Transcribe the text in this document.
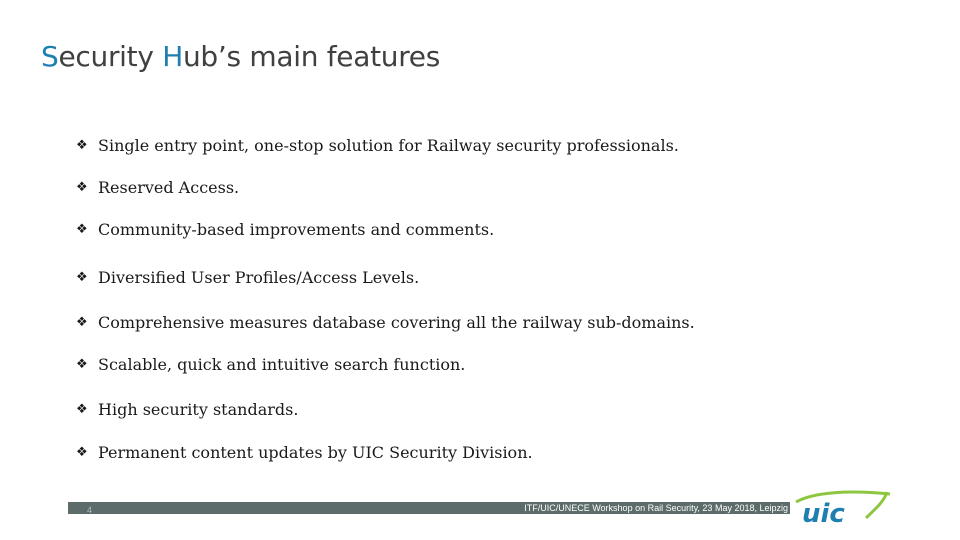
Security Hub’s main features
❖ Single entry point, one-stop solution for Railway security professionals.
❖ Reserved Access.
❖ Community-based improvements and comments.
❖ Diversified User Profiles/Access Levels.
❖ Comprehensive measures database covering all the railway sub-domains.
❖ Scalable, quick and intuitive search function.
❖ High security standards.
❖ Permanent content updates by UIC Security Division.
ITF/UIC/UNECE Workshop on Rail Security, 23 May 2018, Leipzig
4	uic
